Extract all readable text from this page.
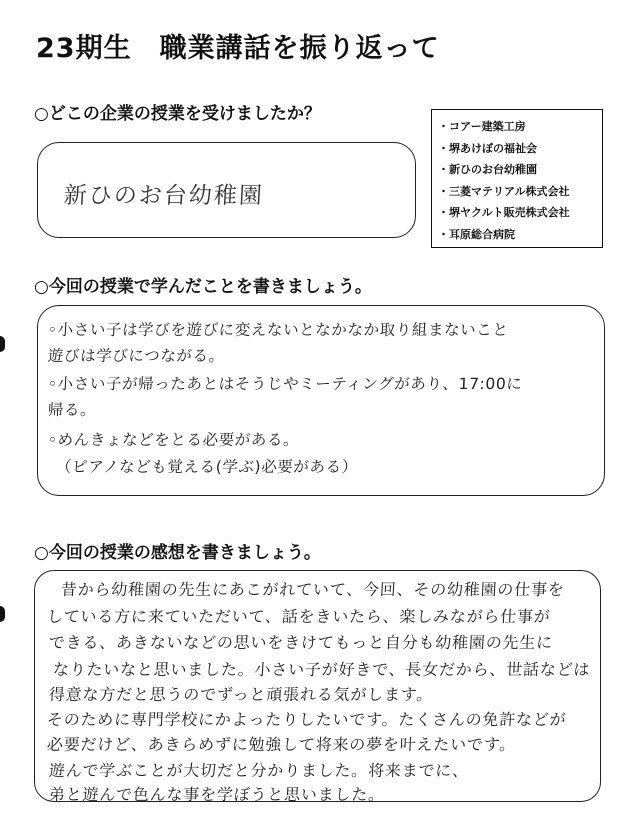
23期生　職業講話を振り返って
○どこの企業の授業を受けましたか？
・コアー建築工房
・堺あけぼの福祉会
・新ひのお台幼稚園
・三菱マテリアル株式会社
・堺ヤクルト販売株式会社
・耳原総合病院
新ひのお台幼稚園
○今回の授業で学んだことを書きましょう。
◦小さい子は学びを遊びに変えないとなかなか取り組まないこと
遊びは学びにつながる。
◦小さい子が帰ったあとはそうじやミーティングがあり、17:00に
帰る。
◦めんきょなどをとる必要がある。
（ピアノなども覚える(学ぶ)必要がある）
○今回の授業の感想を書きましょう。
昔から幼稚園の先生にあこがれていて、今回、その幼稚園の仕事を
している方に来ていただいて、話をきいたら、楽しみながら仕事が
できる、あきないなどの思いをきけてもっと自分も幼稚園の先生に
なりたいなと思いました。小さい子が好きで、長女だから、世話などは
得意な方だと思うのでずっと頑張れる気がします。
そのために専門学校にかよったりしたいです。たくさんの免許などが
必要だけど、あきらめずに勉強して将来の夢を叶えたいです。
遊んで学ぶことが大切だと分かりました。将来までに、
弟と遊んで色んな事を学ぼうと思いました。
